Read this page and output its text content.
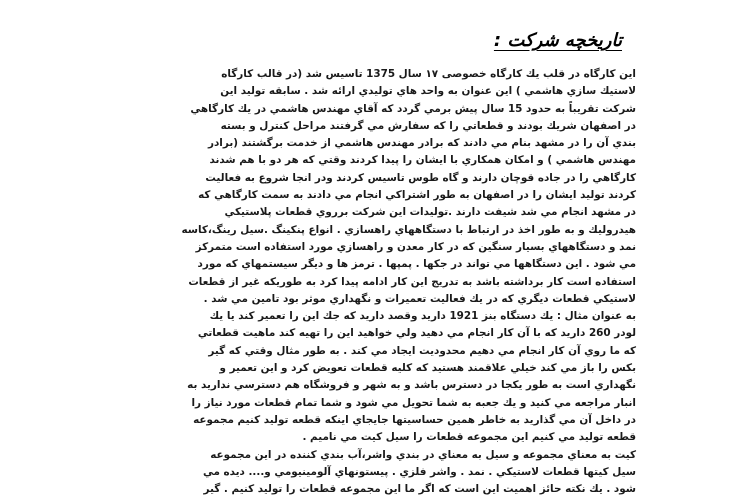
تاریخچه شرکت :
این کارگاه در قلب یك کارگاه خصوصی ۱۷ سال 1375 تاسیس شد (در قالب کارگاه
لاستیك سازي هاشمي ) این عنوان به واحد هاي توليدي ارائه شد . سابقه توليد اين
شرکت تقريباً به حدود 15 سال پيش برمي گردد كه آقاي مهندس هاشمي در يك كارگاهي
در اصفهان شريك بودند و قطعاتي را كه سفارش مي گرفتند مراحل كنترل و بسته
بندي آن را در مشهد بنام مي دادند كه برادر مهندس هاشمي از خدمت برگشتند (برادر
مهندس هاشمي ) و امكان همكاري با ايشان را پيدا كردند وقتي كه هر دو با هم شدند
كارگاهي را در جاده قوچان دارند و گاه طوس تاسيس كردند ودر انجا شروع به فعاليت
كردند توليد ايشان را در اصفهان به طور اشتراكي انجام مي دادند به سمت كارگاهي كه
در مشهد انجام مي شد شيفت دارند .توليدات اين شركت برروي قطعات پلاستيكي
هيدروليك و به طور اخذ در ارتباط با دستگاههاي راهسازي . انواع پنكينگ .سيل رينگ،كاسه
نمد و دستگاههاي بسيار سنگين كه در كار معدن و راهسازي مورد استفاده است متمركز
مي شود . اين دستگاهها مي تواند در جكها . پمپها . ترمز ها و ديگر سيستمهاي كه مورد
استفاده است كار برداشته باشد به تدريج اين كار ادامه پيدا كرد به طوريكه غير از قطعات
لاستيكي قطعات ديگري كه در يك فعاليت تعميرات و نگهداري موثر بود تامين مي شد .
به عنوان مثال : يك دستگاه بنز 1921 داريد وقصد داريد كه جك اين را تعمير كند يا يك
لودر 260 داريد كه با آن كار انجام مي دهيد ولي خواهيد اين را تهيه كند ماهيت قطعاتي
كه ما روي آن كار انجام مي دهيم محدوديت ايجاد مي كند . به طور مثال وقتي كه گير
بكس را باز مي كند خيلي علاقمند هستيد كه كليه قطعات تعويض كرد و اين تعمير و
نگهداري است به طور يكجا در دسترس باشد و به شهر و فروشگاه هم دسترسي نداريد به
انبار مراجعه مي كنيد و يك جعبه به شما تحويل مي شود و شما تمام قطعات مورد نياز را
در داخل آن مي گذاريد به خاطر همين حساسيتها جايجاي اينكه قطعه توليد كنيم مجموعه
قطعه توليد مي كنيم اين مجموعه قطعات را سيل كيت مي ناميم .
كيت به معناي مجموعه و سيل به معناي در بندي واشر،آب بندي كننده در اين مجموعه
سيل كيتها قطعات لاستيكي . نمد . واشر فلزي . پيستونهاي آلومينيومي و.... ديده مي
شود . يك نكته حائز اهميت اين است كه اگر ما اين مجموعه قطعات را توليد كنيم . گير
